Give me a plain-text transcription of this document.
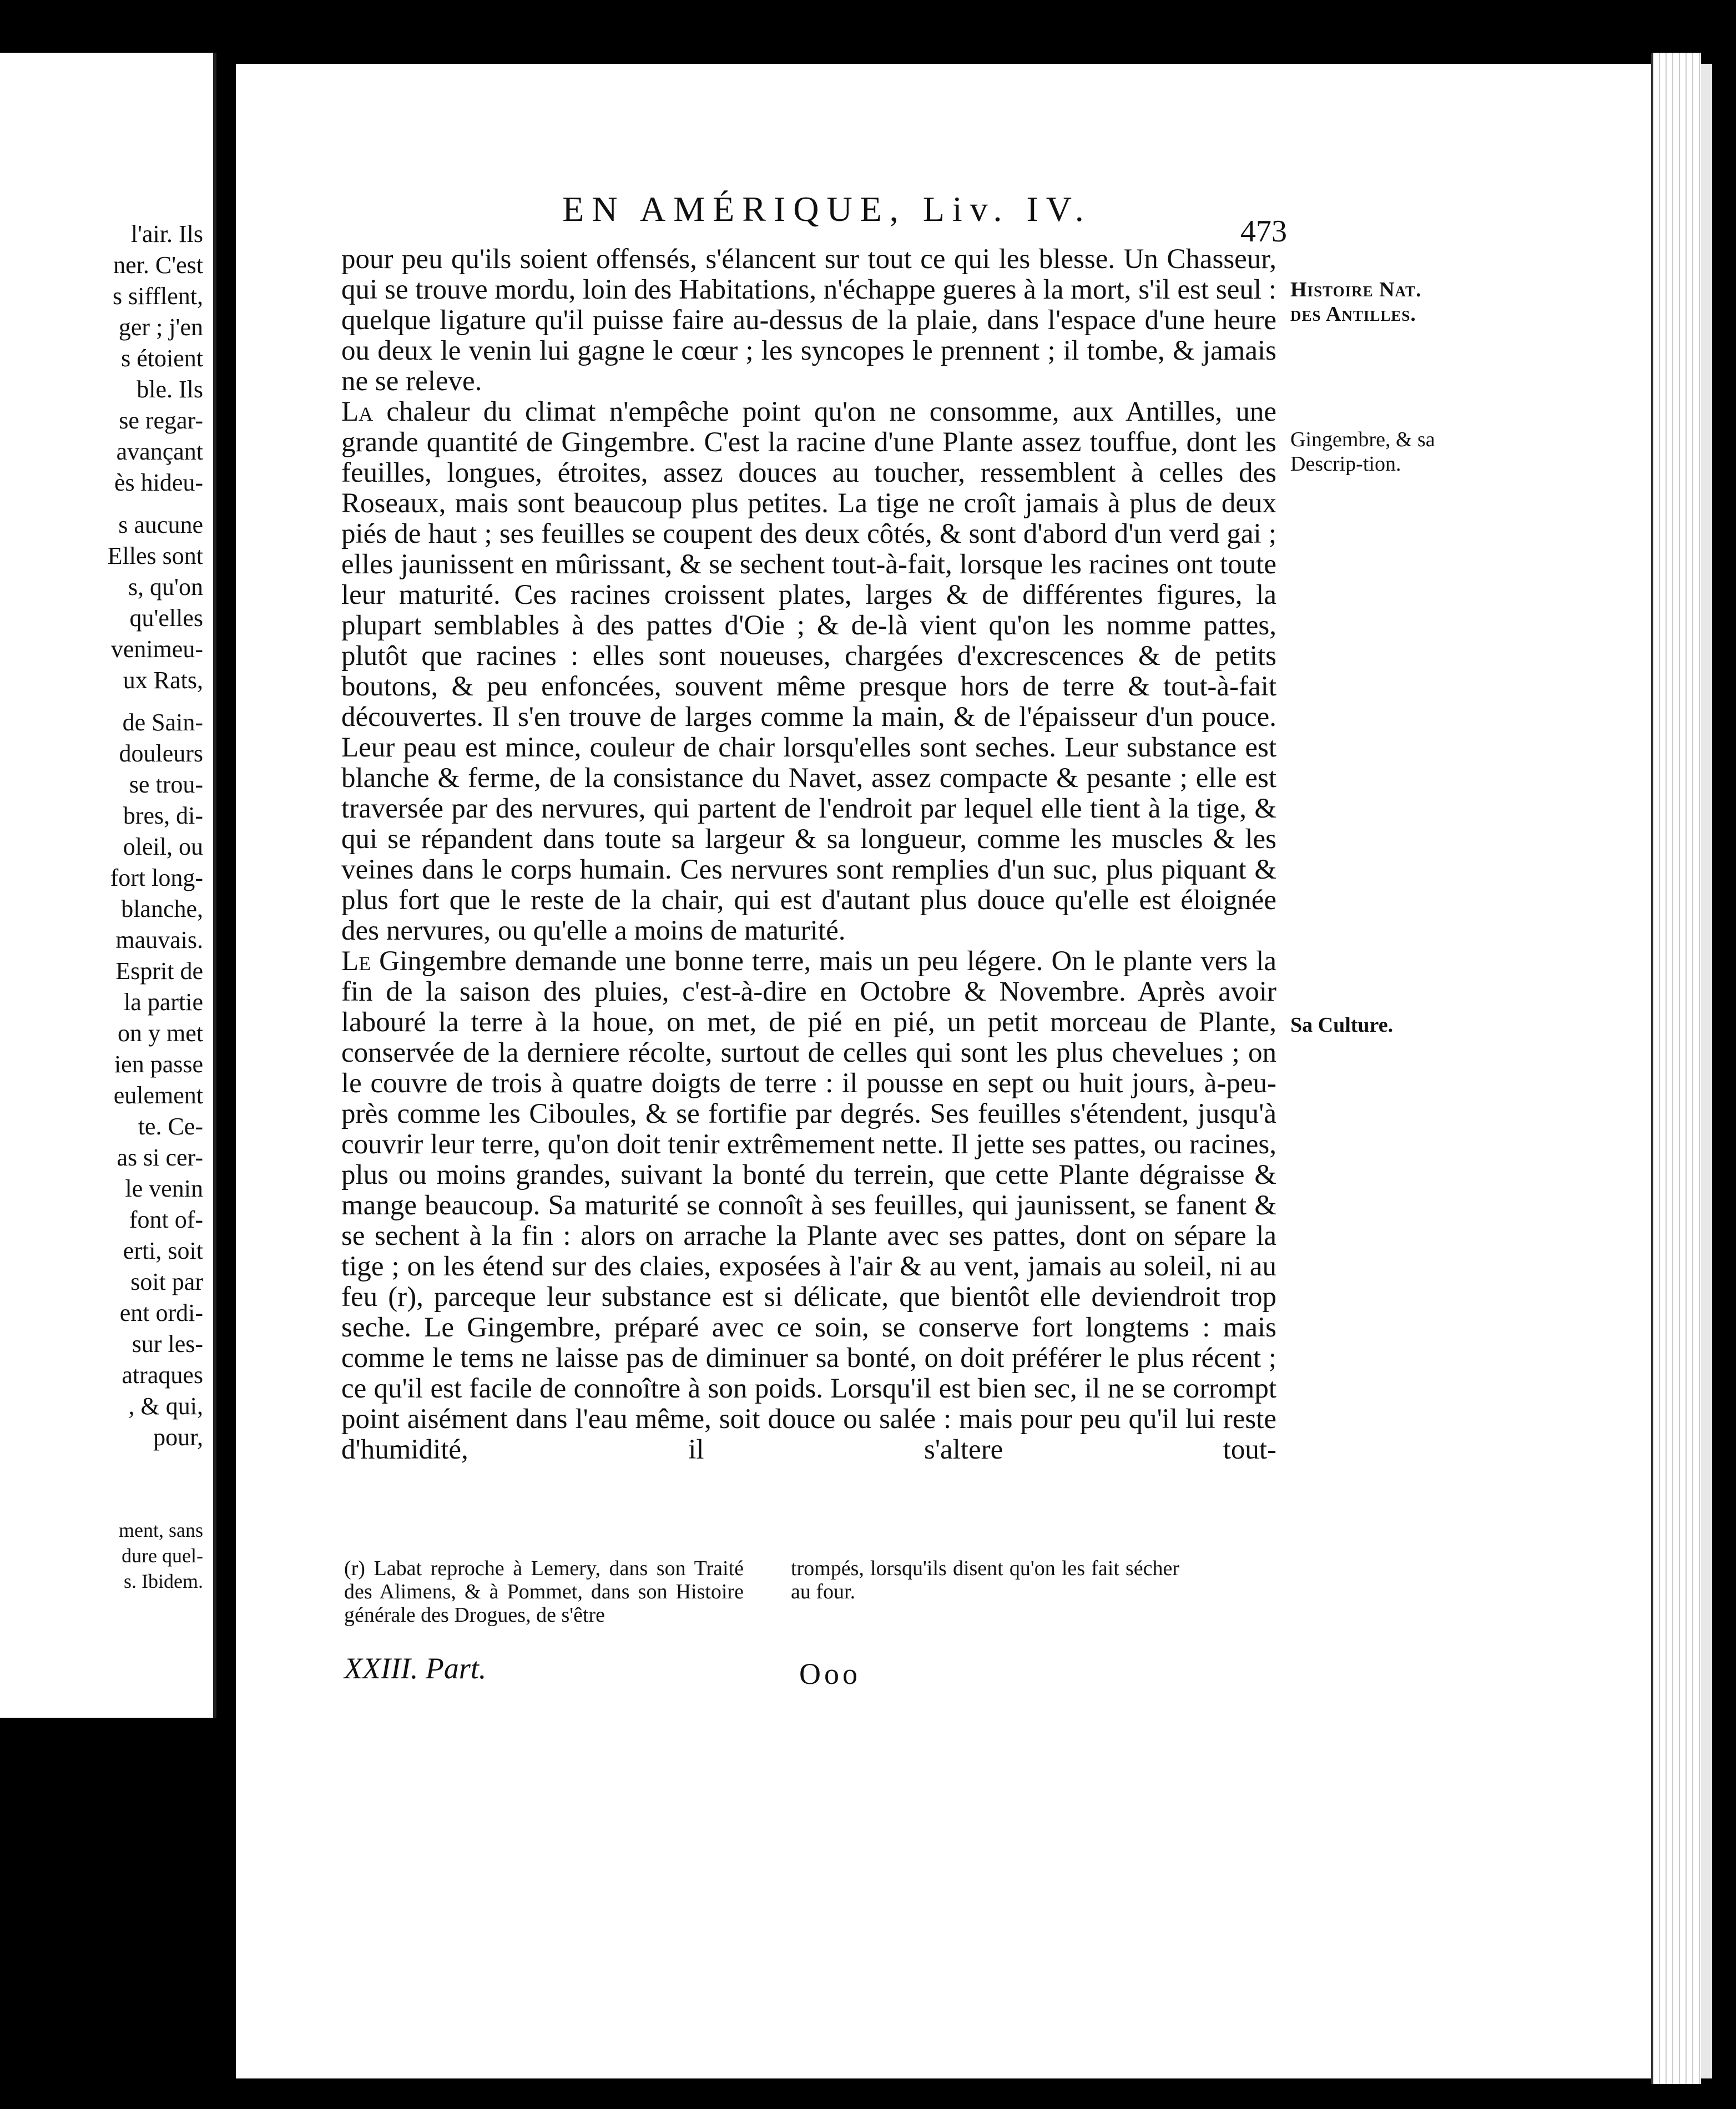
l'air. Ils
ner. C'est
s sifflent,
ger ; j'en
s étoient
ble. Ils
se regar-
avançant
ès hideu-
s aucune
Elles sont
s, qu'on
qu'elles
venimeu-
ux Rats,
de Sain-
douleurs
se trou-
bres, di-
oleil, ou
fort long-
blanche,
mauvais.
Esprit de
la partie
on y met
ien passe
eulement
te. Ce-
as si cer-
le venin
font of-
erti, soit
soit par
ent ordi-
sur les-
atraques
, & qui,
pour,
ment, sans
dure quel-
s. Ibidem.
EN AMÉRIQUE, Liv. IV.
473

pour peu qu'ils soient offensés, s'élancent sur tout ce qui les blesse. Un Chasseur, qui se trouve mordu, loin des Habitations, n'échappe gueres à la mort, s'il est seul : quelque ligature qu'il puisse faire au-dessus de la plaie, dans l'espace d'une heure ou deux le venin lui gagne le cœur ; les syncopes le prennent ; il tombe, & jamais ne se releve.

La chaleur du climat n'empêche point qu'on ne consomme, aux Antilles, une grande quantité de Gingembre. C'est la racine d'une Plante assez touffue, dont les feuilles, longues, étroites, assez douces au toucher, ressemblent à celles des Roseaux, mais sont beaucoup plus petites. La tige ne croît jamais à plus de deux piés de haut ; ses feuilles se coupent des deux côtés, & sont d'abord d'un verd gai ; elles jaunissent en mûrissant, & se sechent tout-à-fait, lorsque les racines ont toute leur maturité. Ces racines croissent plates, larges & de différentes figures, la plupart semblables à des pattes d'Oie ; & de-là vient qu'on les nomme pattes, plutôt que racines : elles sont noueuses, chargées d'excrescences & de petits boutons, & peu enfoncées, souvent même presque hors de terre & tout-à-fait découvertes. Il s'en trouve de larges comme la main, & de l'épaisseur d'un pouce. Leur peau est mince, couleur de chair lorsqu'elles sont seches. Leur substance est blanche & ferme, de la consistance du Navet, assez compacte & pesante ; elle est traversée par des nervures, qui partent de l'endroit par lequel elle tient à la tige, & qui se répandent dans toute sa largeur & sa longueur, comme les muscles & les veines dans le corps humain. Ces nervures sont remplies d'un suc, plus piquant & plus fort que le reste de la chair, qui est d'autant plus douce qu'elle est éloignée des nervures, ou qu'elle a moins de maturité.

Le Gingembre demande une bonne terre, mais un peu légere. On le plante vers la fin de la saison des pluies, c'est-à-dire en Octobre & Novembre. Après avoir labouré la terre à la houe, on met, de pié en pié, un petit morceau de Plante, conservée de la derniere récolte, surtout de celles qui sont les plus chevelues ; on le couvre de trois à quatre doigts de terre : il pousse en sept ou huit jours, à-peu-près comme les Ciboules, & se fortifie par degrés. Ses feuilles s'étendent, jusqu'à couvrir leur terre, qu'on doit tenir extrêmement nette. Il jette ses pattes, ou racines, plus ou moins grandes, suivant la bonté du terrein, que cette Plante dégraisse & mange beaucoup. Sa maturité se connoît à ses feuilles, qui jaunissent, se fanent & se sechent à la fin : alors on arrache la Plante avec ses pattes, dont on sépare la tige ; on les étend sur des claies, exposées à l'air & au vent, jamais au soleil, ni au feu (r), parceque leur substance est si délicate, que bientôt elle deviendroit trop seche. Le Gingembre, préparé avec ce soin, se conserve fort longtems : mais comme le tems ne laisse pas de diminuer sa bonté, on doit préférer le plus récent ; ce qu'il est facile de connoître à son poids. Lorsqu'il est bien sec, il ne se corrompt point aisément dans l'eau même, soit douce ou salée : mais pour peu qu'il lui reste d'humidité, il s'altere tout-

Histoire Nat. des Antilles.
Gingembre, & sa Descrip-tion.
Sa Culture.
(r) Labat reproche à Lemery, dans son Traité des Alimens, & à Pommet, dans son Histoire générale des Drogues, de s'être
trompés, lorsqu'ils disent qu'on les fait sécher au four.
XXIII. Part.	Ooo
